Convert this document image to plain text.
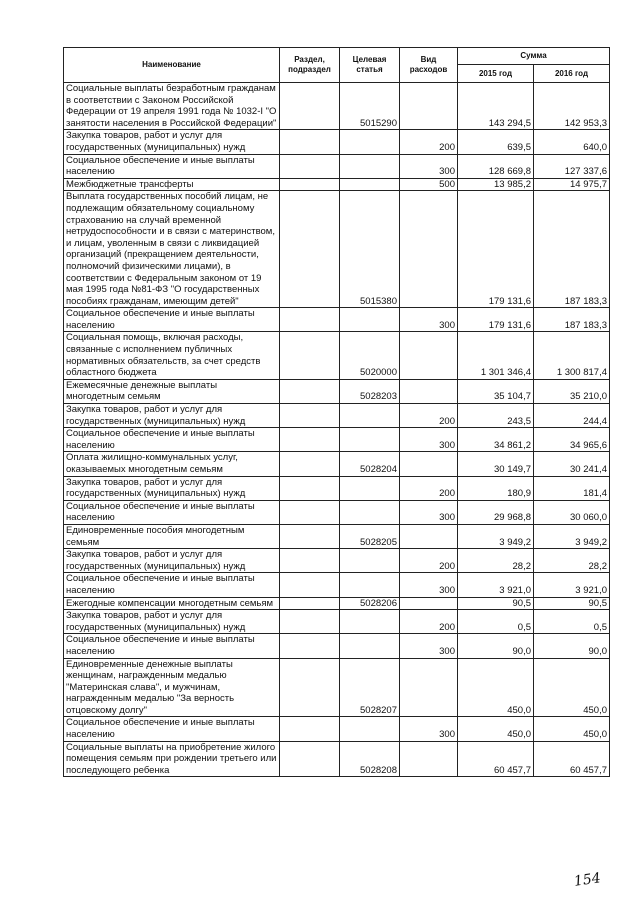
Наименование	Раздел, подраздел	Целевая статья	Вид расходов	Сумма	
				2015 год	2016 год
Социальные выплаты безработным гражданам в соответствии с Законом Российской Федерации от 19 апреля 1991 года № 1032-I "О занятости населения в Российской Федерации"		5015290		143 294,5	142 953,3
Закупка товаров, работ и услуг для государственных (муниципальных) нужд			200	639,5	640,0
Социальное обеспечение и иные выплаты населению			300	128 669,8	127 337,6
Межбюджетные трансферты			500	13 985,2	14 975,7
Выплата государственных пособий лицам, не подлежащим обязательному социальному страхованию на случай временной нетрудоспособности и в связи с материнством, и лицам, уволенным в связи с ликвидацией организаций (прекращением деятельности, полномочий физическими лицами), в соответствии с Федеральным законом от 19 мая 1995 года №81-ФЗ "О государственных пособиях гражданам, имеющим детей"		5015380		179 131,6	187 183,3
Социальное обеспечение и иные выплаты населению			300	179 131,6	187 183,3
Социальная помощь, включая расходы, связанные с исполнением публичных нормативных обязательств, за счет средств областного бюджета		5020000		1 301 346,4	1 300 817,4
Ежемесячные денежные выплаты многодетным семьям		5028203		35 104,7	35 210,0
Закупка товаров, работ и услуг для государственных (муниципальных) нужд			200	243,5	244,4
Социальное обеспечение и иные выплаты населению			300	34 861,2	34 965,6
Оплата жилищно-коммунальных услуг, оказываемых многодетным семьям		5028204		30 149,7	30 241,4
Закупка товаров, работ и услуг для государственных (муниципальных) нужд			200	180,9	181,4
Социальное обеспечение и иные выплаты населению			300	29 968,8	30 060,0
Единовременные пособия многодетным семьям		5028205		3 949,2	3 949,2
Закупка товаров, работ и услуг для государственных (муниципальных) нужд			200	28,2	28,2
Социальное обеспечение и иные выплаты населению			300	3 921,0	3 921,0
Ежегодные компенсации многодетным семьям		5028206		90,5	90,5
Закупка товаров, работ и услуг для государственных (муниципальных) нужд			200	0,5	0,5
Социальное обеспечение и иные выплаты населению			300	90,0	90,0
Единовременные денежные выплаты женщинам, награжденным медалью "Материнская слава", и мужчинам, награжденным медалью "За верность отцовскому долгу"		5028207		450,0	450,0
Социальное обеспечение и иные выплаты населению			300	450,0	450,0
Социальные выплаты на приобретение жилого помещения семьям при рождении третьего или последующего ребенка		5028208		60 457,7	60 457,7
154
